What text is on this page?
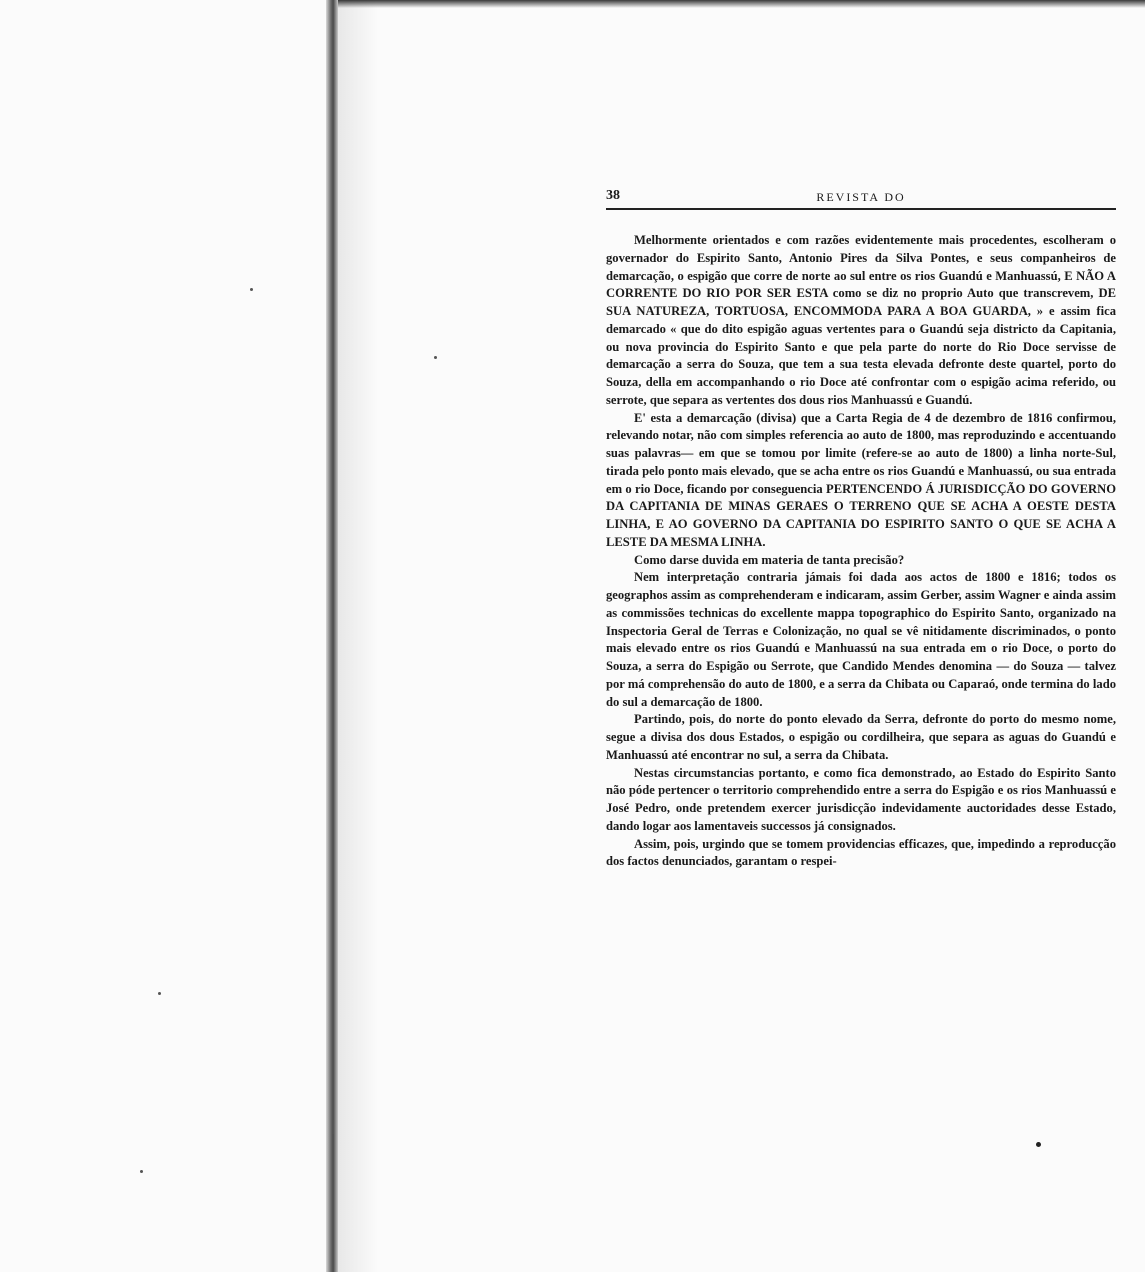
38	REVISTA DO

Melhormente orientados e com razões evidentemente mais procedentes, escolheram o governador do Espirito Santo, Antonio Pires da Silva Pontes, e seus companheiros de demarcação, o espigão que corre de norte ao sul entre os rios Guandú e Manhuassú, E NÃO A CORRENTE DO RIO POR SER ESTA como se diz no proprio Auto que transcrevem, DE SUA NATUREZA, TORTUOSA, ENCOMMODA PARA A BOA GUARDA, » e assim fica demarcado « que do dito espigão aguas vertentes para o Guandú seja districto da Capitania, ou nova provincia do Espirito Santo e que pela parte do norte do Rio Doce servisse de demarcação a serra do Souza, que tem a sua testa elevada defronte deste quartel, porto do Souza, della em accompanhando o rio Doce até confrontar com o espigão acima referido, ou serrote, que separa as vertentes dos dous rios Manhuassú e Guandú.

E' esta a demarcação (divisa) que a Carta Regia de 4 de dezembro de 1816 confirmou, relevando notar, não com simples referencia ao auto de 1800, mas reproduzindo e accentuando suas palavras— em que se tomou por limite (refere-se ao auto de 1800) a linha norte-Sul, tirada pelo ponto mais elevado, que se acha entre os rios Guandú e Manhuassú, ou sua entrada em o rio Doce, ficando por conseguencia PERTENCENDO Á JURISDICÇÃO DO GOVERNO DA CAPITANIA DE MINAS GERAES O TERRENO QUE SE ACHA A OESTE DESTA LINHA, E AO GOVERNO DA CAPITANIA DO ESPIRITO SANTO O QUE SE ACHA A LESTE DA MESMA LINHA.

Como darse duvida em materia de tanta precisão?

Nem interpretação contraria jámais foi dada aos actos de 1800 e 1816; todos os geographos assim as comprehenderam e indicaram, assim Gerber, assim Wagner e ainda assim as commissões technicas do excellente mappa topographico do Espirito Santo, organizado na Inspectoria Geral de Terras e Colonização, no qual se vê nitidamente discriminados, o ponto mais elevado entre os rios Guandú e Manhuassú na sua entrada em o rio Doce, o porto do Souza, a serra do Espigão ou Serrote, que Candido Mendes denomina — do Souza — talvez por má comprehensão do auto de 1800, e a serra da Chibata ou Caparaó, onde termina do lado do sul a demarcação de 1800.

Partindo, pois, do norte do ponto elevado da Serra, defronte do porto do mesmo nome, segue a divisa dos dous Estados, o espigão ou cordilheira, que separa as aguas do Guandú e Manhuassú até encontrar no sul, a serra da Chibata.

Nestas circumstancias portanto, e como fica demonstrado, ao Estado do Espirito Santo não póde pertencer o territorio comprehendido entre a serra do Espigão e os rios Manhuassú e José Pedro, onde pretendem exercer jurisdicção indevidamente auctoridades desse Estado, dando logar aos lamentaveis successos já consignados.

Assim, pois, urgindo que se tomem providencias efficazes, que, impedindo a reproducção dos factos denunciados, garantam o respei-
